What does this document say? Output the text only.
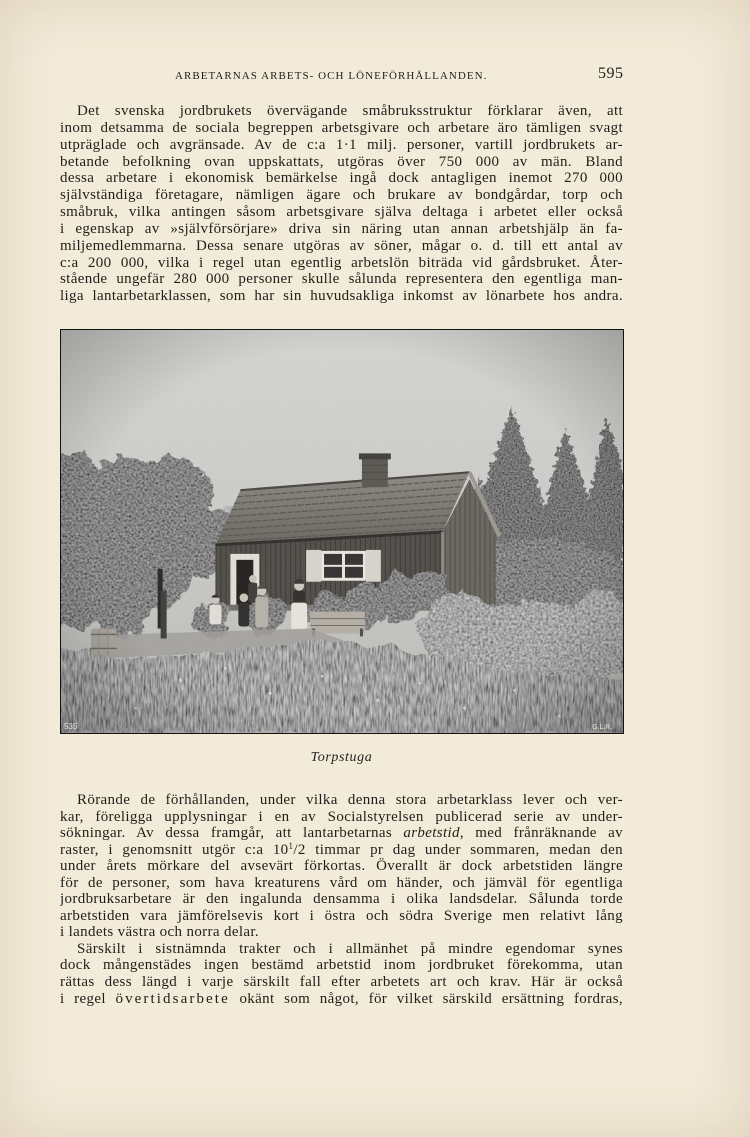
ARBETARNAS ARBETS- OCH LÖNEFÖRHÅLLANDEN.	595
Det svenska jordbrukets övervägande småbruksstruktur förklarar även, att
inom detsamma de sociala begreppen arbetsgivare och arbetare äro tämligen svagt
utpräglade och avgränsade. Av de c:a 1·1 milj. personer, vartill jordbrukets ar-
betande befolkning ovan uppskattats, utgöras över 750 000 av män. Bland
dessa arbetare i ekonomisk bemärkelse ingå dock antagligen inemot 270 000
självständiga företagare, nämligen ägare och brukare av bondgårdar, torp och
småbruk, vilka antingen såsom arbetsgivare själva deltaga i arbetet eller också
i egenskap av »självförsörjare» driva sin näring utan annan arbetshjälp än fa-
miljemedlemmarna. Dessa senare utgöras av söner, mågar o. d. till ett antal av
c:a 200 000, vilka i regel utan egentlig arbetslön biträda vid gårdsbruket. Åter-
stående ungefär 280 000 personer skulle sålunda representera den egentliga man-
liga lantarbetarklassen, som har sin huvudsakliga inkomst av lönarbete hos andra.
535	G.L.R.
Torpstuga
Rörande de förhållanden, under vilka denna stora arbetarklass lever och ver-
kar, föreligga upplysningar i en av Socialstyrelsen publicerad serie av under-
sökningar. Av dessa framgår, att lantarbetarnas arbetstid, med frånräknande av
raster, i genomsnitt utgör c:a $10^1/2$ timmar pr dag under sommaren, medan den
under årets mörkare del avsevärt förkortas. Överallt är dock arbetstiden längre
för de personer, som hava kreaturens vård om händer, och jämväl för egentliga
jordbruksarbetare är den ingalunda densamma i olika landsdelar. Sålunda torde
arbetstiden vara jämförelsevis kort i östra och södra Sverige men relativt lång
i landets västra och norra delar.
Särskilt i sistnämnda trakter och i allmänhet på mindre egendomar synes
dock mångenstädes ingen bestämd arbetstid inom jordbruket förekomma, utan
rättas dess längd i varje särskilt fall efter arbetets art och krav. Här är också
i regel övertidsarbete okänt som något, för vilket särskild ersättning fordras,
